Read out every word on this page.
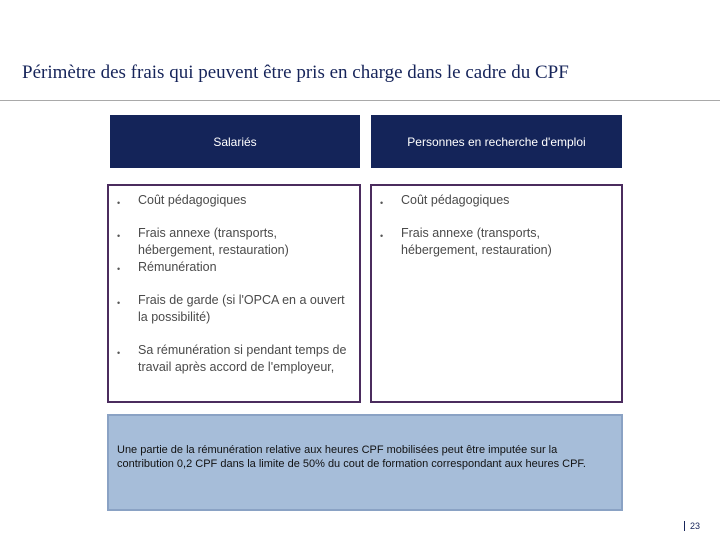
Périmètre des frais qui peuvent être pris en charge dans le cadre du CPF
Salariés	Personnes en recherche d'emploi
• Coût pédagogiques
• Frais annexe (transports, hébergement, restauration)
• Rémunération
• Frais de garde (si l'OPCA en a ouvert la possibilité)
• Sa rémunération si pendant temps de travail après accord de l'employeur,
• Coût pédagogiques
• Frais annexe (transports, hébergement, restauration)
Une partie de la rémunération relative aux heures CPF mobilisées peut être imputée sur la contribution 0,2 CPF dans la limite de 50% du cout de formation correspondant aux heures CPF.
23
